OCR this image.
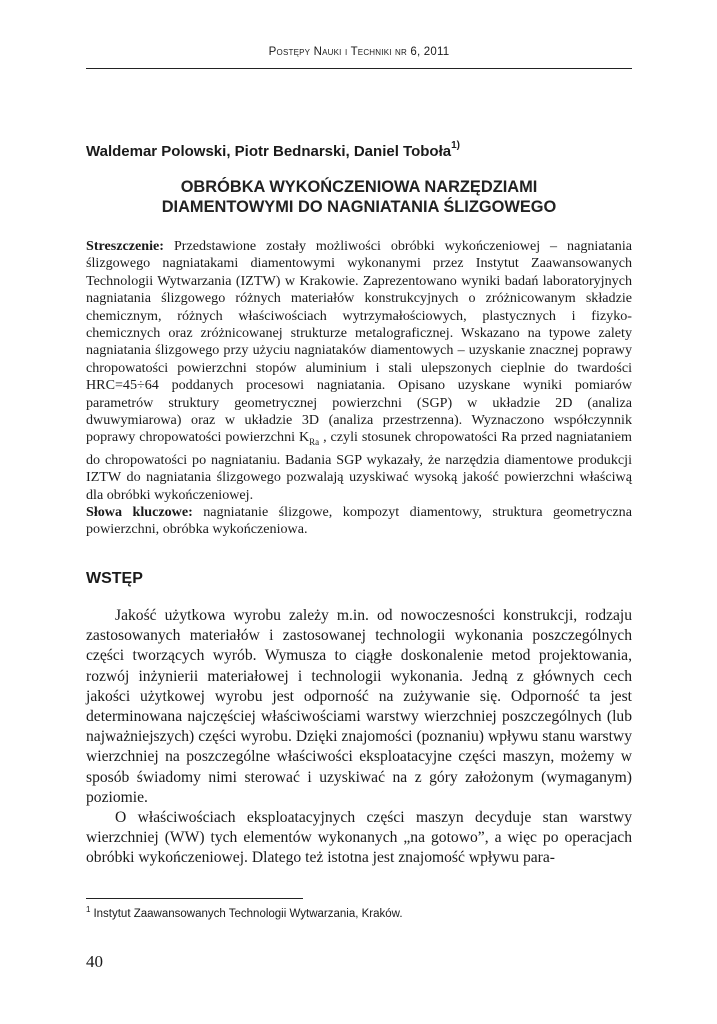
Postępy Nauki i Techniki nr 6, 2011
Waldemar Polowski, Piotr Bednarski, Daniel Toboła$^{1)}$
OBRÓBKA WYKOŃCZENIOWA NARZĘDZIAMI
DIAMENTOWYMI DO NAGNIATANIA ŚLIZGOWEGO
Streszczenie: Przedstawione zostały możliwości obróbki wykończeniowej – nagniatania ślizgowego nagniatakami diamentowymi wykonanymi przez Instytut Zaawansowanych Technologii Wytwarzania (IZTW) w Krakowie. Zaprezentowano wyniki badań laboratoryjnych nagniatania ślizgowego różnych materiałów konstrukcyjnych o zróżnicowanym składzie chemicznym, różnych właściwościach wytrzymałościowych, plastycznych i fizyko-chemicznych oraz zróżnicowanej strukturze metalograficznej. Wskazano na typowe zalety nagniatania ślizgowego przy użyciu nagniataków diamentowych – uzyskanie znacznej poprawy chropowatości powierzchni stopów aluminium i stali ulepszonych cieplnie do twardości HRC=45÷64 poddanych procesowi nagniatania. Opisano uzyskane wyniki pomiarów parametrów struktury geometrycznej powierzchni (SGP) w układzie 2D (analiza dwuwymiarowa) oraz w układzie 3D (analiza przestrzenna). Wyznaczono współczynnik poprawy chropowatości powierzchni $K_{Ra}$ , czyli stosunek chropowatości Ra przed nagniataniem do chropowatości po nagniataniu. Badania SGP wykazały, że narzędzia diamentowe produkcji IZTW do nagniatania ślizgowego pozwalają uzyskiwać wysoką jakość powierzchni właściwą dla obróbki wykończeniowej.
Słowa kluczowe: nagniatanie ślizgowe, kompozyt diamentowy, struktura geometryczna powierzchni, obróbka wykończeniowa.
WSTĘP

Jakość użytkowa wyrobu zależy m.in. od nowoczesności konstrukcji, rodzaju zastosowanych materiałów i zastosowanej technologii wykonania poszczególnych części tworzących wyrób. Wymusza to ciągłe doskonalenie metod projektowania, rozwój inżynierii materiałowej i technologii wykonania. Jedną z głównych cech jakości użytkowej wyrobu jest odporność na zużywanie się. Odporność ta jest determinowana najczęściej właściwościami warstwy wierzchniej poszczególnych (lub najważniejszych) części wyrobu. Dzięki znajomości (poznaniu) wpływu stanu warstwy wierzchniej na poszczególne właściwości eksploatacyjne części maszyn, możemy w sposób świadomy nimi sterować i uzyskiwać na z góry założonym (wymaganym) poziomie.

O właściwościach eksploatacyjnych części maszyn decyduje stan warstwy wierzchniej (WW) tych elementów wykonanych „na gotowo”, a więc po operacjach obróbki wykończeniowej. Dlatego też istotna jest znajomość wpływu para-

$^1$ Instytut Zaawansowanych Technologii Wytwarzania, Kraków.
40
